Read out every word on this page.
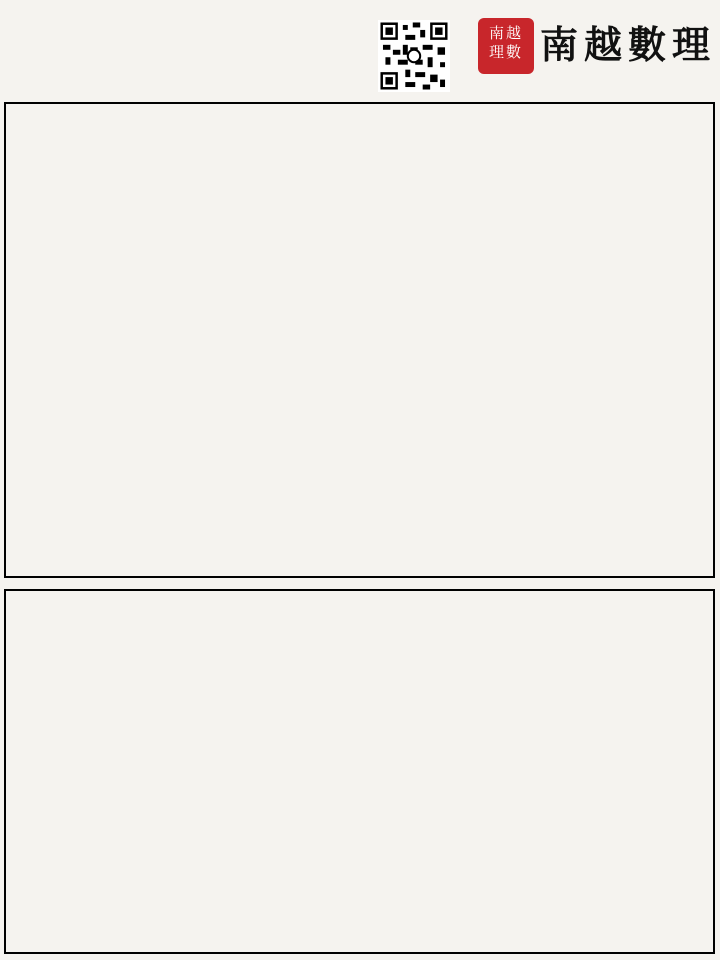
南越
理數 南越數理
